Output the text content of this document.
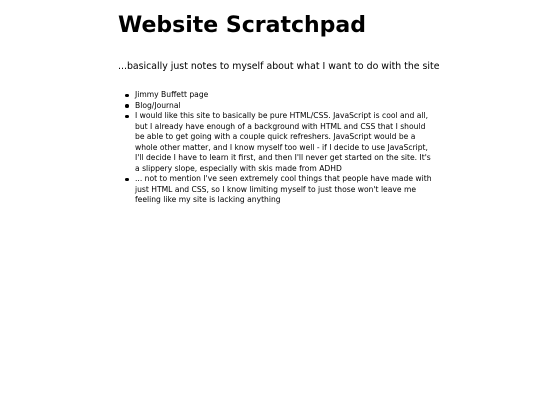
Website Scratchpad

...basically just notes to myself about what I want to do with the site

Jimmy Buffett page
Blog/Journal
I would like this site to basically be pure HTML/CSS. JavaScript is cool and all, but I already have enough of a background with HTML and CSS that I should be able to get going with a couple quick refreshers. JavaScript would be a whole other matter, and I know myself too well - if I decide to use JavaScript, I'll decide I have to learn it first, and then I'll never get started on the site. It's a slippery slope, especially with skis made from ADHD
... not to mention I've seen extremely cool things that people have made with just HTML and CSS, so I know limiting myself to just those won't leave me feeling like my site is lacking anything
